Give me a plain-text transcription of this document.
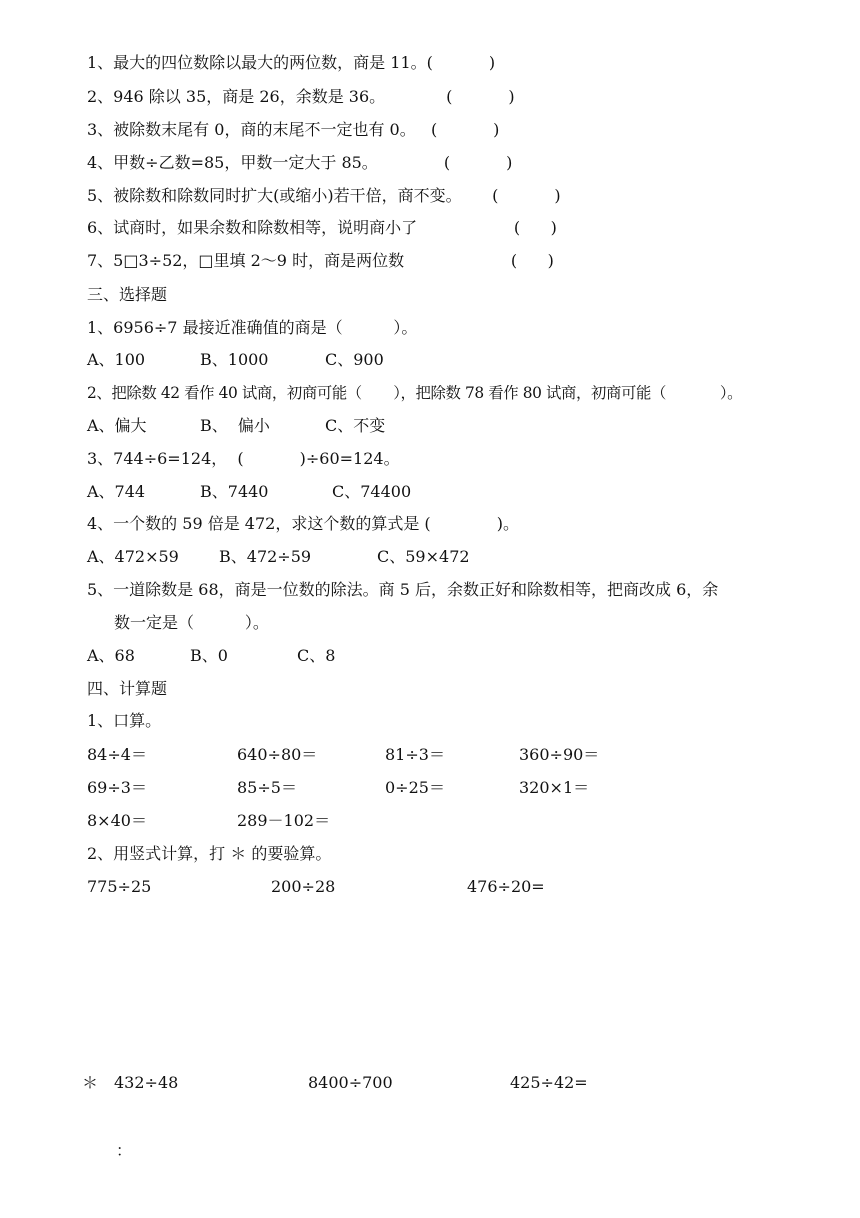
1、最大的四位数除以最大的两位数，商是 11。(           )
2、946 除以 35，商是 26，余数是 36。            (           )
3、被除数末尾有 0，商的末尾不一定也有 0。   (           )
4、甲数÷乙数=85，甲数一定大于 85。             (           )
5、被除数和除数同时扩大(或缩小)若干倍，商不变。      (           )
6、试商时，如果余数和除数相等，说明商小了                   (      )
7、5□3÷52，□里填 2～9 时，商是两位数                     (      )
三、选择题
1、6956÷7 最接近准确值的商是（          ）。
A、100	B、1000	C、900
2、把除数 42 看作 40 试商，初商可能（       ），把除数 78 看作 80 试商，初商可能（            ）。
A、偏大	B、  偏小	C、不变
3、744÷6=124，  (           )÷60=124。
A、744	B、7440	C、74400
4、一个数的 59 倍是 472，求这个数的算式是 (             )。
A、472×59	B、472÷59	C、59×472
5、一道除数是 68，商是一位数的除法。商 5 后，余数正好和除数相等，把商改成 6，余
数一定是（          ）。
A、68	B、0	C、8
四、计算题
1、口算。
84÷4＝	640÷80＝	81÷3＝	360÷90＝
69÷3＝	85÷5＝	0÷25＝	320×1＝
8×40＝	289－102＝
2、用竖式计算，打 ＊ 的要验算。
775÷25	200÷28	476÷20=
＊ 432÷48	8400÷700	425÷42=
：
